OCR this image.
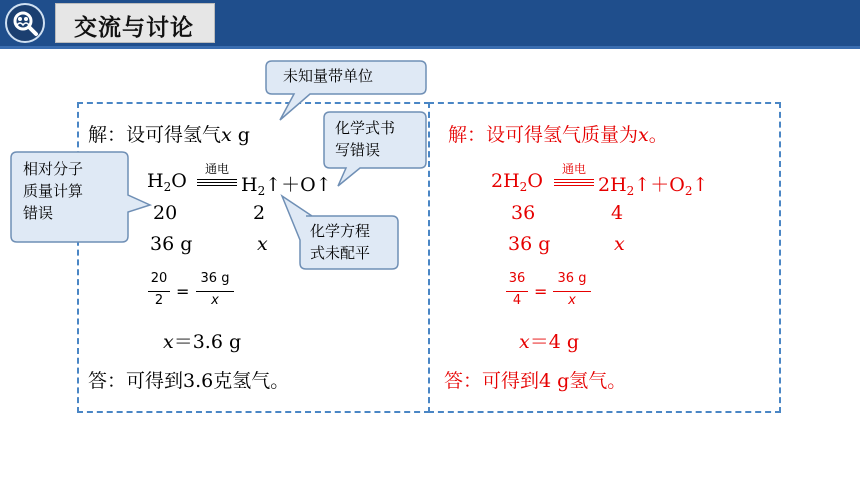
交流与讨论
未知量带单位
化学式书
写错误
相对分子
质量计算
错误
化学方程
式未配平
解：设可得氢气x g
$H_2O$
通电
$H_2↑+O↑$
20	2
36 g	x
20
2 =
36 g
x
x＝3.6 g
答：可得到3.6克氢气。
解：设可得氢气质量为x。
$2H_2O$
通电
$2H_2↑+O_2↑$
36	4
36 g	x
36
4 =
36 g
x
x＝4 g
答：可得到4 g氢气。
